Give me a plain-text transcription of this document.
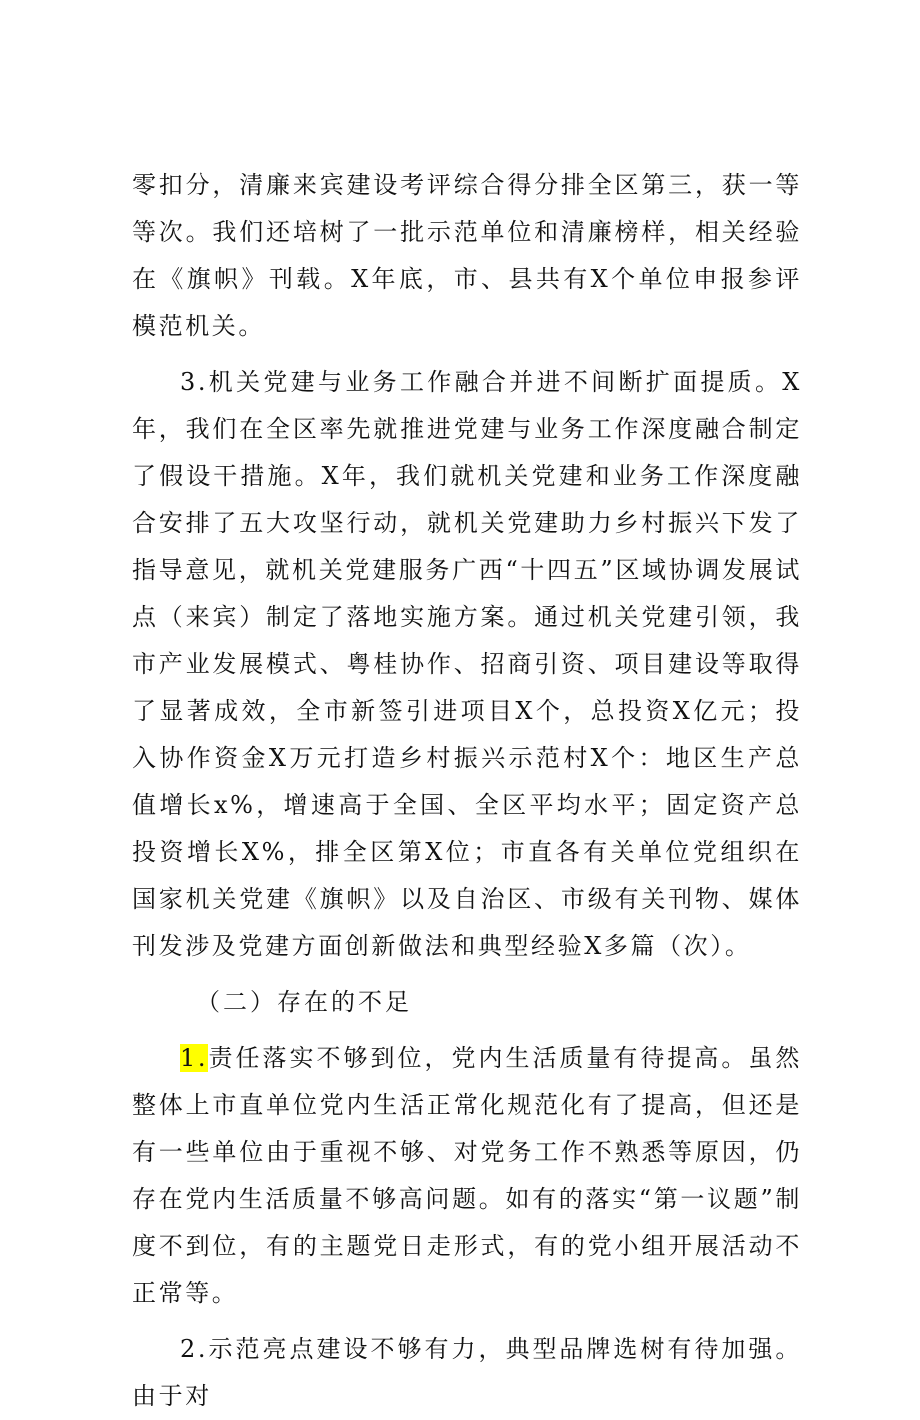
零扣分，清廉来宾建设考评综合得分排全区第三，获一等等次。我们还培树了一批示范单位和清廉榜样，相关经验在《旗帜》刊载。X年底，市、县共有X个单位申报参评模范机关。

3.机关党建与业务工作融合并进不间断扩面提质。X年，我们在全区率先就推进党建与业务工作深度融合制定了假设干措施。X年，我们就机关党建和业务工作深度融合安排了五大攻坚行动，就机关党建助力乡村振兴下发了指导意见，就机关党建服务广西“十四五”区域协调发展试点（来宾）制定了落地实施方案。通过机关党建引领，我市产业发展模式、粤桂协作、招商引资、项目建设等取得了显著成效，全市新签引进项目X个，总投资X亿元；投入协作资金X万元打造乡村振兴示范村X个：地区生产总值增长x%，增速高于全国、全区平均水平；固定资产总投资增长X%，排全区第X位；市直各有关单位党组织在国家机关党建《旗帜》以及自治区、市级有关刊物、媒体刊发涉及党建方面创新做法和典型经验X多篇（次）。

（二）存在的不足

1.责任落实不够到位，党内生活质量有待提高。虽然整体上市直单位党内生活正常化规范化有了提高，但还是有一些单位由于重视不够、对党务工作不熟悉等原因，仍存在党内生活质量不够高问题。如有的落实“第一议题”制度不到位，有的主题党日走形式，有的党小组开展活动不正常等。

2.示范亮点建设不够有力，典型品牌选树有待加强。由于对
